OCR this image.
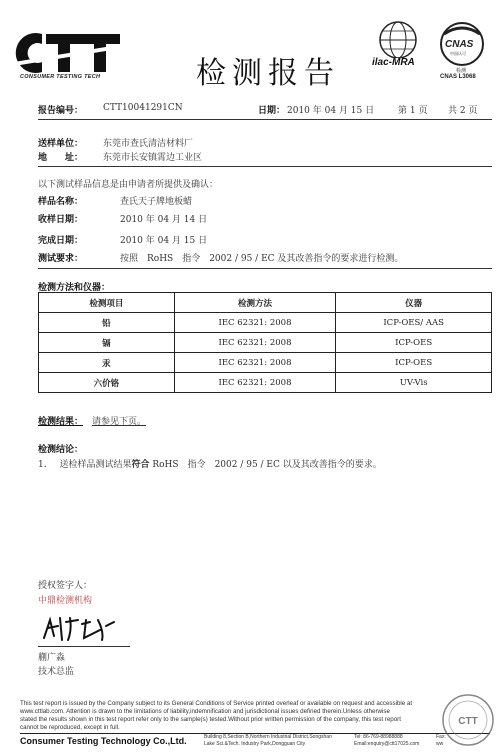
CONSUMER TESTING TECH	检测报告	ilac-MRA
CNAS
中国认可
检测
CNAS L3068
报告编号： CTT10041291CN	日期： 2010 年 04 月 15 日	第 1 页 共 2 页
送样单位： 东莞市查氏清洁材料厂
地　　址： 东莞市长安镇霄边工业区
以下测试样品信息是由申请者所提供及确认：
样品名称：	查氏天子牌地板蜡
收样日期：	2010 年 04 月 14 日
完成日期：	2010 年 04 月 15 日
测试要求：	按照　RoHS　指令　2002 / 95 / EC 及其改善指令的要求进行检测。
检测方法和仪器：
检测项目	检测方法	仪器
铅	IEC 62321: 2008	ICP-OES/ AAS
镉	IEC 62321: 2008	ICP-OES
汞	IEC 62321: 2008	ICP-OES
六价铬	IEC 62321: 2008	UV-Vis
检测结果： 请参见下页。
检测结论：
1. 送检样品测试结果符合 RoHS　指令　2002 / 95 / EC 以及其改善指令的要求。
授权签字人：
中鼎检测机构
蒯广淼
技术总监
This test report is issued by the Company subject to its General Conditions of Service printed overleaf or available on request and accessible at
www.cttlab.com. Attention is drawn to the limitations of liability,indemnification and jurisdictional issues defined therein.Unless otherwise
stated the results shown in this test report refer only to the sample(s) tested.Without prior written permission of the company, this test report
cannot be reproduced, except in full.
Consumer Testing Technology Co.,Ltd.	Building 8,Section B,Northern Industrial District,Songshan
Lake Sci.&Tech. Industry Park,Dongguan City
Tel: 86-769-88988888
Email:enquiry@ctt17025.com
Fax:
ww
CTT
